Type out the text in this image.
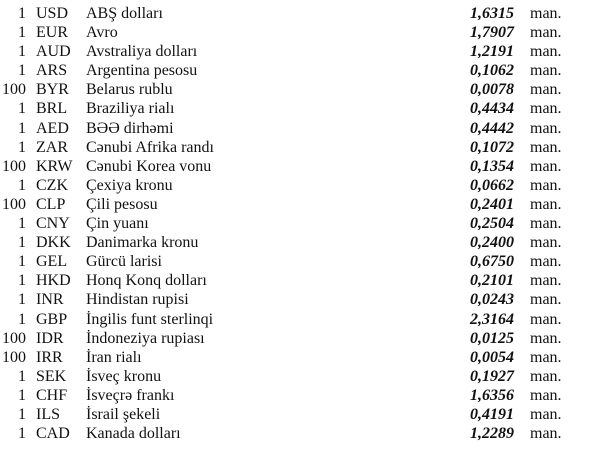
1 USD ABŞ dolları	1,6315 man.
1 EUR Avro	1,7907 man.
1 AUD Avstraliya dolları	1,2191 man.
1 ARS Argentina pesosu	0,1062 man.
100 BYR Belarus rublu	0,0078 man.
1 BRL Braziliya rialı	0,4434 man.
1 AED BƏƏ dirhəmi	0,4442 man.
1 ZAR Cənubi Afrika randı	0,1072 man.
100 KRW Cənubi Korea vonu	0,1354 man.
1 CZK Çexiya kronu	0,0662 man.
100 CLP Çili pesosu	0,2401 man.
1 CNY Çin yuanı	0,2504 man.
1 DKK Danimarka kronu	0,2400 man.
1 GEL Gürcü larisi	0,6750 man.
1 HKD Honq Konq dolları	0,2101 man.
1 INR Hindistan rupisi	0,0243 man.
1 GBP İngilis funt sterlinqi	2,3164 man.
100 IDR İndoneziya rupiası	0,0125 man.
100 IRR İran rialı	0,0054 man.
1 SEK İsveç kronu	0,1927 man.
1 CHF İsveçrə frankı	1,6356 man.
1 ILS İsrail şekeli	0,4191 man.
1 CAD Kanada dolları	1,2289 man.
